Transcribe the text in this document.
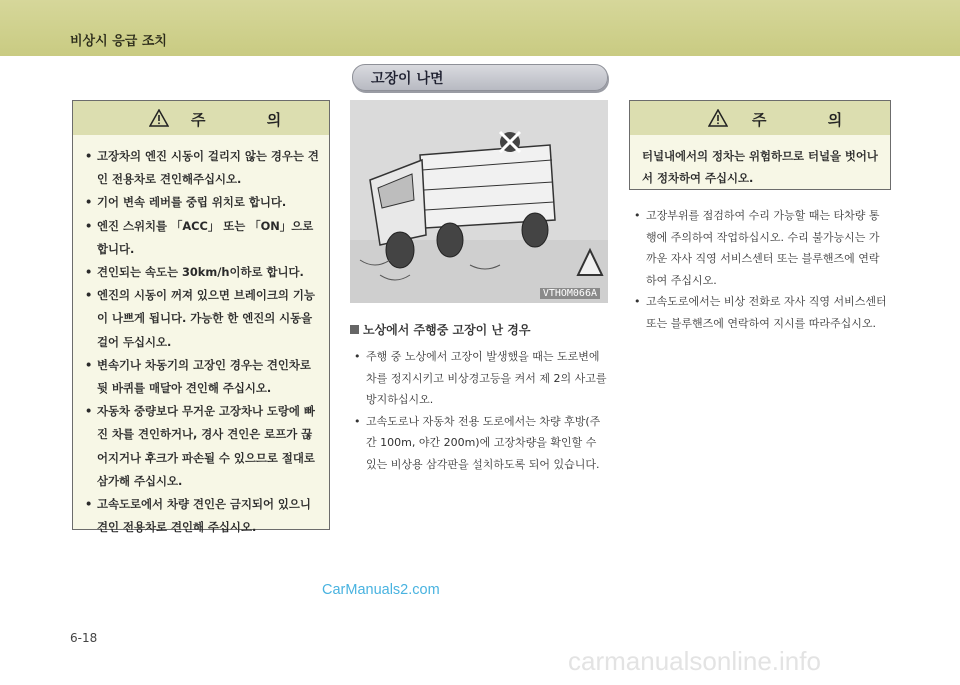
비상시 응급 조치
고장이 나면
주 의
• 고장차의 엔진 시동이 걸리지 않는 경우는 견인 전용차로 견인해주십시오.
• 기어 변속 레버를 중립 위치로 합니다.
• 엔진 스위치를 「ACC」 또는 「ON」으로 합니다.
• 견인되는 속도는 30km/h이하로 합니다.
• 엔진의 시동이 꺼져 있으면 브레이크의 기능이 나쁘게 됩니다. 가능한 한 엔진의 시동을 걸어 두십시오.
• 변속기나 차동기의 고장인 경우는 견인차로 뒷 바퀴를 매달아 견인해 주십시오.
• 자동차 중량보다 무거운 고장차나 도랑에 빠진 차를 견인하거나, 경사 견인은 로프가 끊어지거나 후크가 파손될 수 있으므로 절대로 삼가해 주십시오.
• 고속도로에서 차량 견인은 금지되어 있으니 견인 전용차로 견인해 주십시오.
VTHOM066A
노상에서 주행중 고장이 난 경우
• 주행 중 노상에서 고장이 발생했을 때는 도로변에 차를 정지시키고 비상경고등을 켜서 제 2의 사고를 방지하십시오.
• 고속도로나 자동차 전용 도로에서는 차량 후방(주간 100m, 야간 200m)에 고장차량을 확인할 수 있는 비상용 삼각판을 설치하도록 되어 있습니다.
주 의
터널내에서의 정차는 위험하므로 터널을 벗어나서 정차하여 주십시오.
• 고장부위를 점검하여 수리 가능할 때는 타차량 통행에 주의하여 작업하십시오. 수리 불가능시는 가까운 자사 직영 서비스센터 또는 블루핸즈에 연락하여 주십시오.
• 고속도로에서는 비상 전화로 자사 직영 서비스센터 또는 블루핸즈에 연락하여 지시를 따라주십시오.
CarManuals2.com
6-18
carmanualsonline.info
